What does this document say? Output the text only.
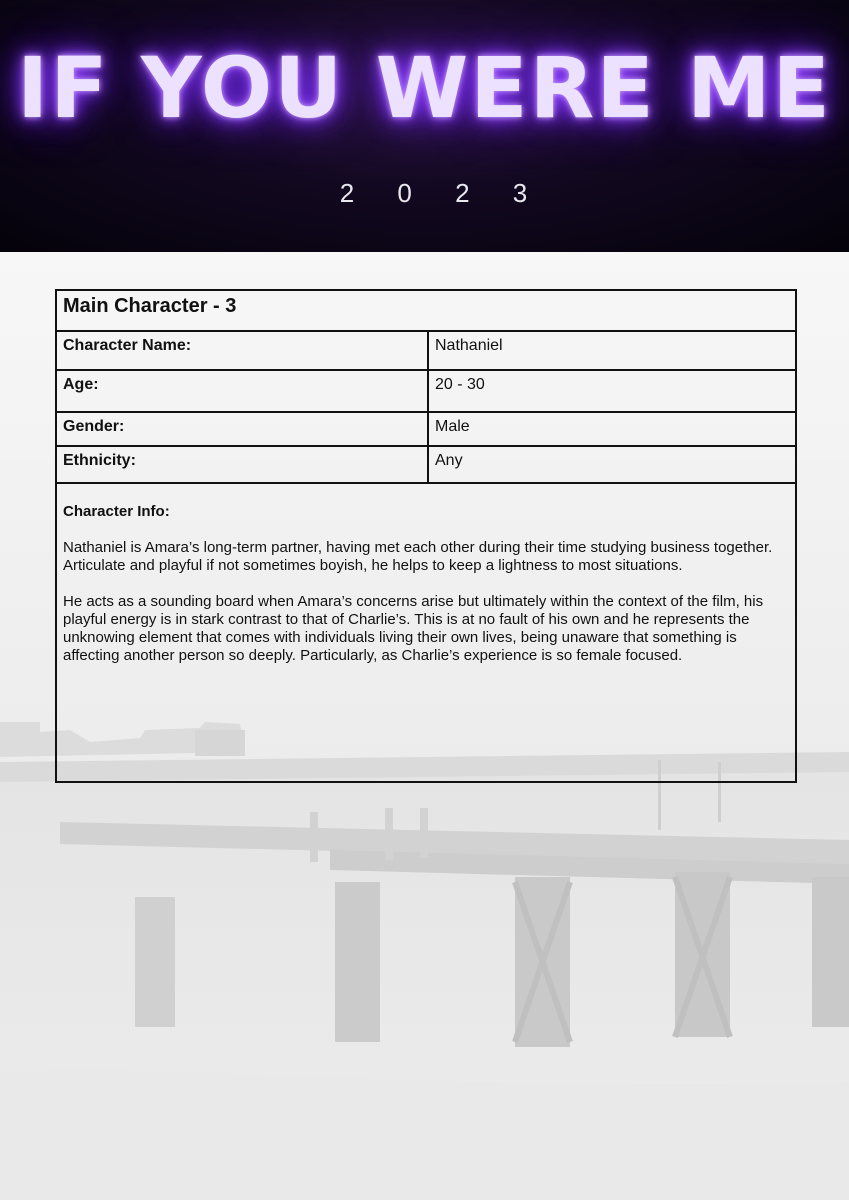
IF YOU WERE ME
2 0 2 3
Main Character - 3
Character Name:	Nathaniel
Age:	20 - 30
Gender:	Male
Ethnicity:	Any
Character Info:

Nathaniel is Amara’s long-term partner, having met each other during their time studying business together. Articulate and playful if not sometimes boyish, he helps to keep a lightness to most situations.

He acts as a sounding board when Amara’s concerns arise but ultimately within the context of the film, his playful energy is in stark contrast to that of Charlie’s. This is at no fault of his own and he represents the unknowing element that comes with individuals living their own lives, being unaware that something is affecting another person so deeply. Particularly, as Charlie’s experience is so female focused.
